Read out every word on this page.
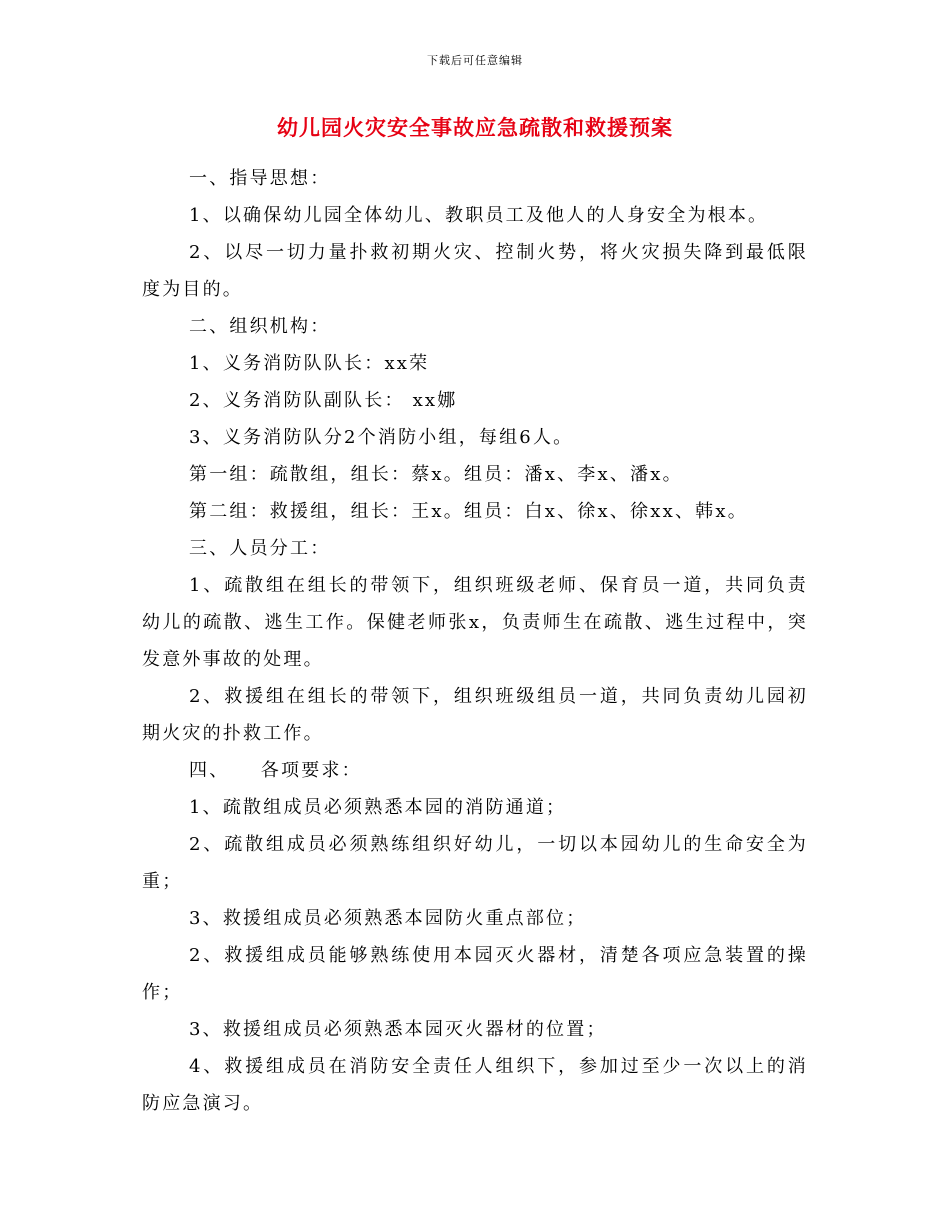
下载后可任意编辑
幼儿园火灾安全事故应急疏散和救援预案

一、指导思想：

1、以确保幼儿园全体幼儿、教职员工及他人的人身安全为根本。

2、以尽一切力量扑救初期火灾、控制火势，将火灾损失降到最低限度为目的。

二、组织机构：

1、义务消防队队长：xx荣

2、义务消防队副队长： xx娜

3、义务消防队分2个消防小组，每组6人。

第一组：疏散组，组长：蔡x。组员：潘x、李x、潘x。

第二组：救援组，组长：王x。组员：白x、徐x、徐xx、韩x。

三、人员分工：

1、疏散组在组长的带领下，组织班级老师、保育员一道，共同负责幼儿的疏散、逃生工作。保健老师张x，负责师生在疏散、逃生过程中，突发意外事故的处理。

2、救援组在组长的带领下，组织班级组员一道，共同负责幼儿园初期火灾的扑救工作。

四、　　各项要求：

1、疏散组成员必须熟悉本园的消防通道；

2、疏散组成员必须熟练组织好幼儿，一切以本园幼儿的生命安全为重；

3、救援组成员必须熟悉本园防火重点部位；

2、救援组成员能够熟练使用本园灭火器材，清楚各项应急装置的操作；

3、救援组成员必须熟悉本园灭火器材的位置；

4、救援组成员在消防安全责任人组织下，参加过至少一次以上的消防应急演习。
